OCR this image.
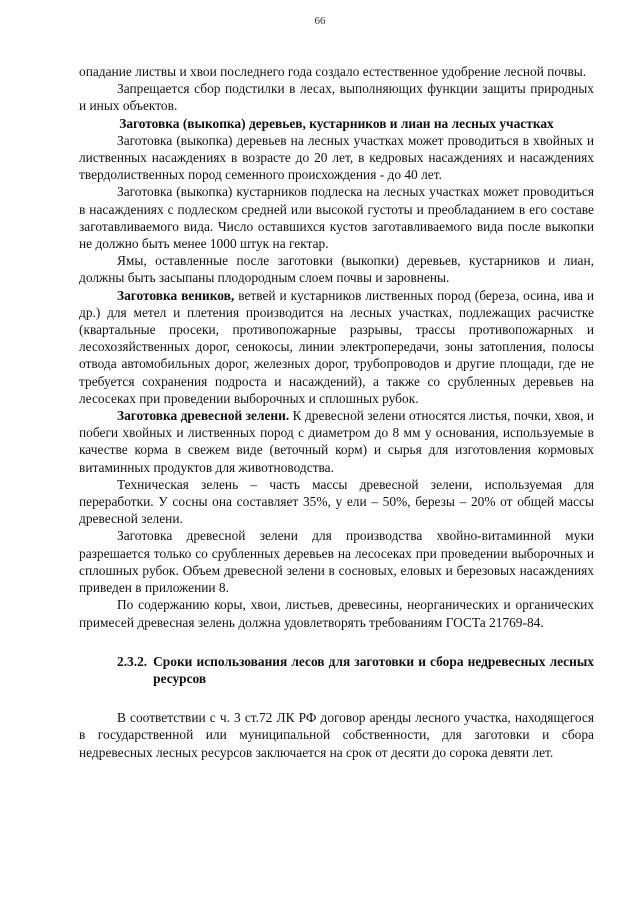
66

опадание листвы и хвои последнего года создало естественное удобрение лесной почвы.

Запрещается сбор подстилки в лесах, выполняющих функции защиты природных и иных объектов.

Заготовка (выкопка) деревьев, кустарников и лиан на лесных участках

Заготовка (выкопка) деревьев на лесных участках может проводиться в хвойных и лиственных насаждениях в возрасте до 20 лет, в кедровых насаждениях и насаждениях твердолиственных пород семенного происхождения - до 40 лет.

Заготовка (выкопка) кустарников подлеска на лесных участках может проводиться в насаждениях с подлеском средней или высокой густоты и преобладанием в его составе заготавливаемого вида. Число оставшихся кустов заготавливаемого вида после выкопки не должно быть менее 1000 штук на гектар.

Ямы, оставленные после заготовки (выкопки) деревьев, кустарников и лиан, должны быть засыпаны плодородным слоем почвы и заровнены.

Заготовка веников, ветвей и кустарников лиственных пород (береза, осина, ива и др.) для метел и плетения производится на лесных участках, подлежащих расчистке (квартальные просеки, противопожарные разрывы, трассы противопожарных и лесохозяйственных дорог, сенокосы, линии электропередачи, зоны затопления, полосы отвода автомобильных дорог, железных дорог, трубопроводов и другие площади, где не требуется сохранения подроста и насаждений), а также со срубленных деревьев на лесосеках при проведении выборочных и сплошных рубок.

Заготовка древесной зелени. К древесной зелени относятся листья, почки, хвоя, и побеги хвойных и лиственных пород с диаметром до 8 мм у основания, используемые в качестве корма в свежем виде (веточный корм) и сырья для изготовления кормовых витаминных продуктов для животноводства.

Техническая зелень – часть массы древесной зелени, используемая для переработки. У сосны она составляет 35%, у ели – 50%, березы – 20% от общей массы древесной зелени.

Заготовка древесной зелени для производства хвойно-витаминной муки разрешается только со срубленных деревьев на лесосеках при проведении выборочных и сплошных рубок. Объем древесной зелени в сосновых, еловых и березовых насаждениях приведен в приложении 8.

По содержанию коры, хвои, листьев, древесины, неорганических и органических примесей древесная зелень должна удовлетворять требованиям ГОСТа 21769-84.

2.3.2. Сроки использования лесов для заготовки и сбора недревесных лесных ресурсов

В соответствии с ч. 3 ст.72 ЛК РФ договор аренды лесного участка, находящегося в государственной или муниципальной собственности, для заготовки и сбора недревесных лесных ресурсов заключается на срок от десяти до сорока девяти лет.
